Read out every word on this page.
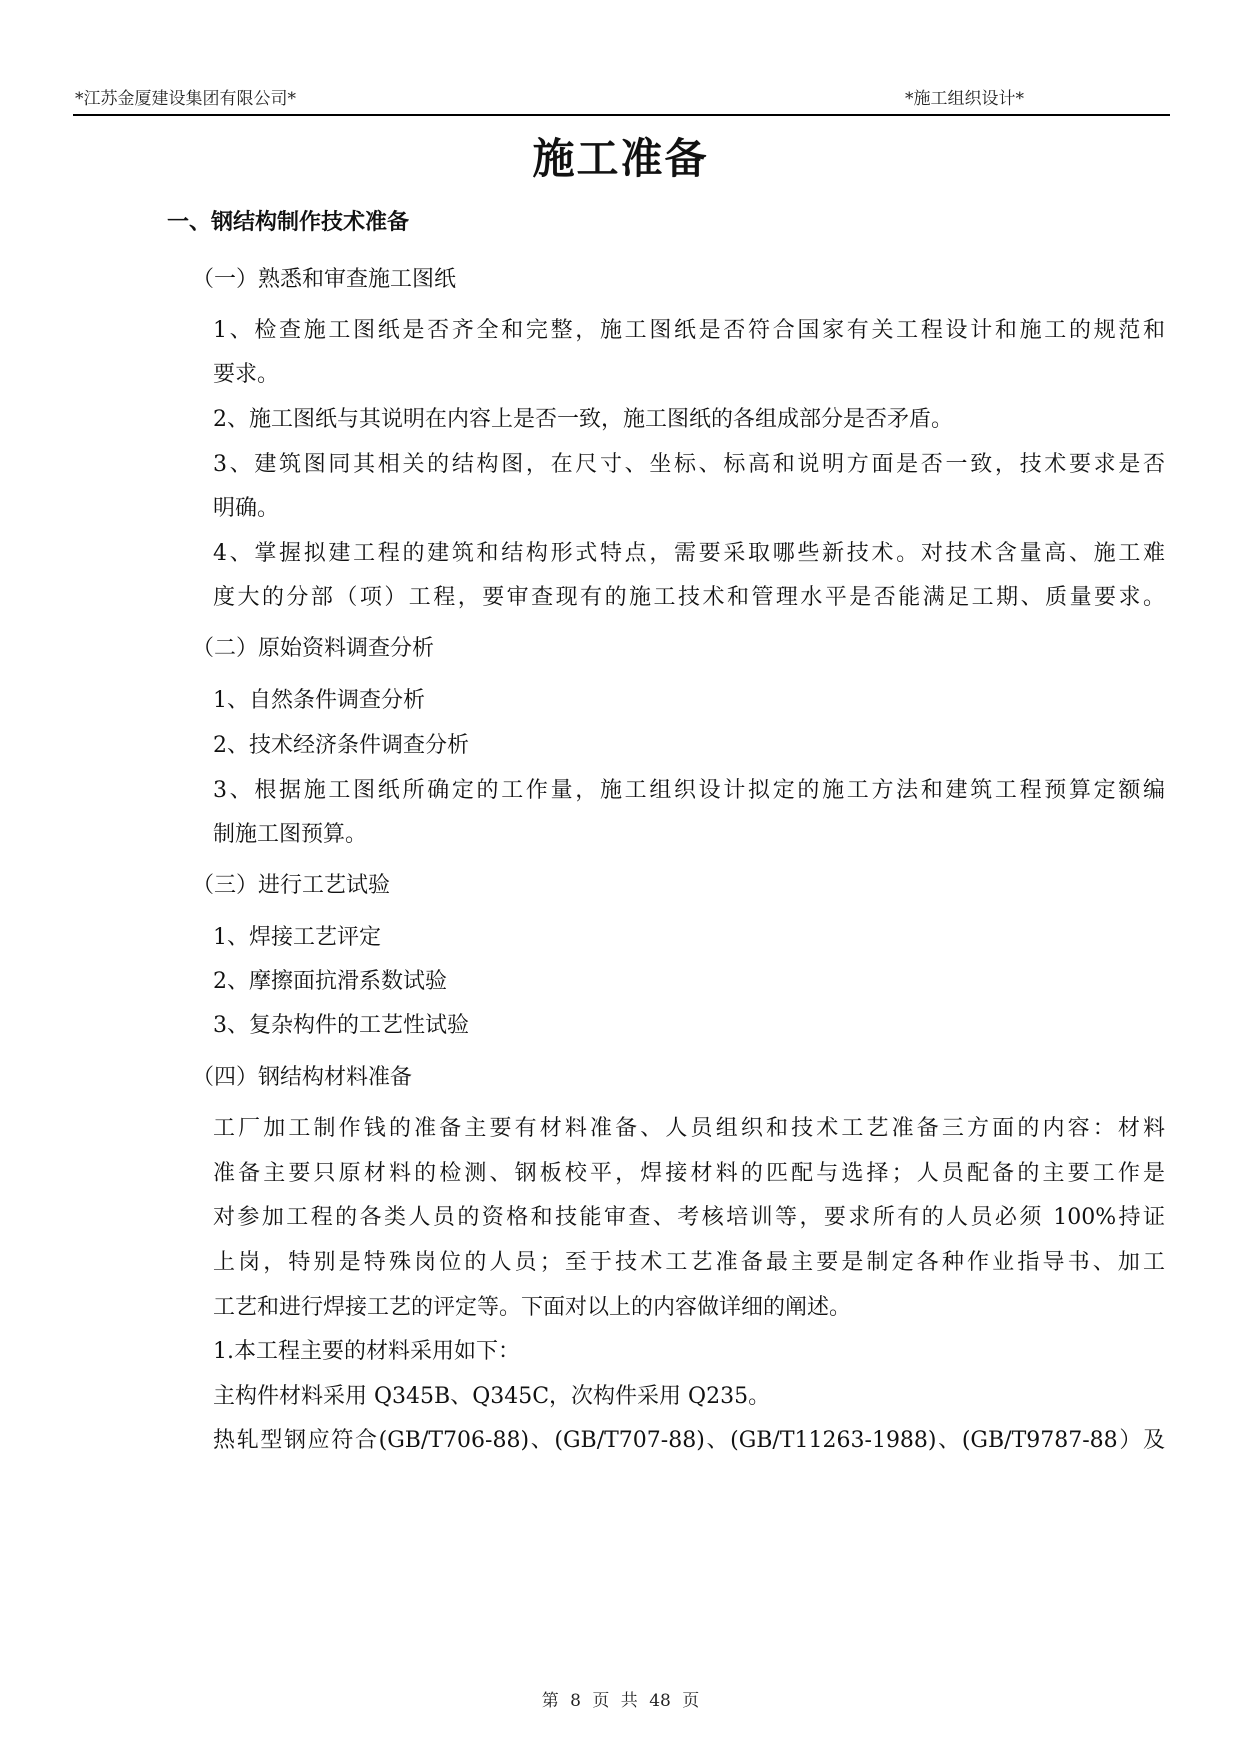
*江苏金厦建设集团有限公司*	*施工组织设计*
施工准备
一、钢结构制作技术准备
（一）熟悉和审查施工图纸
1、检查施工图纸是否齐全和完整，施工图纸是否符合国家有关工程设计和施工的规范和
要求。
2、施工图纸与其说明在内容上是否一致，施工图纸的各组成部分是否矛盾。
3、建筑图同其相关的结构图，在尺寸、坐标、标高和说明方面是否一致，技术要求是否
明确。
4、掌握拟建工程的建筑和结构形式特点，需要采取哪些新技术。对技术含量高、施工难
度大的分部（项）工程，要审查现有的施工技术和管理水平是否能满足工期、质量要求。
（二）原始资料调查分析
1、自然条件调查分析
2、技术经济条件调查分析
3、根据施工图纸所确定的工作量，施工组织设计拟定的施工方法和建筑工程预算定额编
制施工图预算。
（三）进行工艺试验
1、焊接工艺评定
2、摩擦面抗滑系数试验
3、复杂构件的工艺性试验
（四）钢结构材料准备
工厂加工制作钱的准备主要有材料准备、人员组织和技术工艺准备三方面的内容：材料
准备主要只原材料的检测、钢板校平，焊接材料的匹配与选择；人员配备的主要工作是
对参加工程的各类人员的资格和技能审查、考核培训等，要求所有的人员必须 100%持证
上岗，特别是特殊岗位的人员；至于技术工艺准备最主要是制定各种作业指导书、加工
工艺和进行焊接工艺的评定等。下面对以上的内容做详细的阐述。
1.本工程主要的材料采用如下：
主构件材料采用 Q345B、Q345C，次构件采用 Q235。
热轧型钢应符合(GB/T706-88)、(GB/T707-88)、(GB/T11263-1988)、(GB/T9787-88）及
第 8 页 共 48 页
